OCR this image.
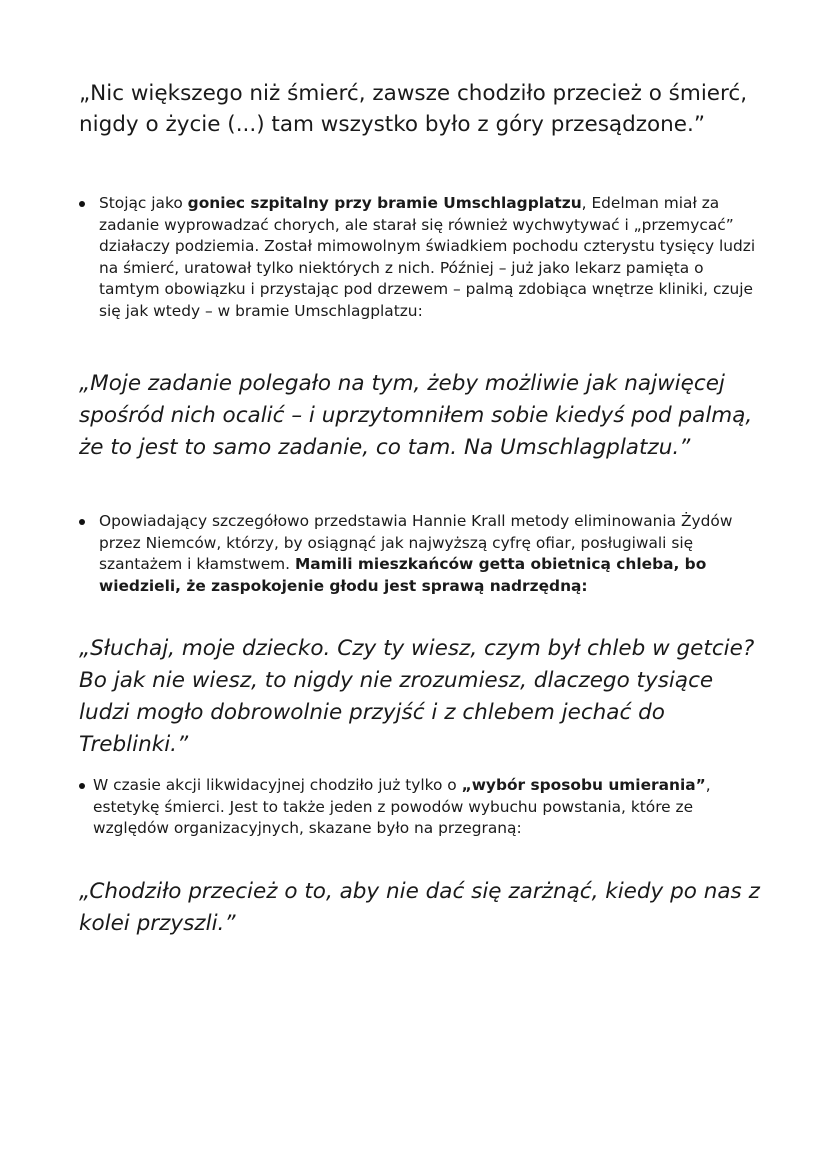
„Nic większego niż śmierć, zawsze chodziło przecież o śmierć, nigdy o życie (...) tam wszystko było z góry przesądzone.”

Stojąc jako goniec szpitalny przy bramie Umschlagplatzu, Edelman miał za zadanie wyprowadzać chorych, ale starał się również wychwytywać i „przemycać” działaczy podziemia. Został mimowolnym świadkiem pochodu czterystu tysięcy ludzi na śmierć, uratował tylko niektórych z nich. Później – już jako lekarz pamięta o tamtym obowiązku i przystając pod drzewem – palmą zdobiąca wnętrze kliniki, czuje się jak wtedy – w bramie Umschlagplatzu:

„Moje zadanie polegało na tym, żeby możliwie jak najwięcej spośród nich ocalić – i uprzytomniłem sobie kiedyś pod palmą, że to jest to samo zadanie, co tam. Na Umschlagplatzu.”

Opowiadający szczegółowo przedstawia Hannie Krall metody eliminowania Żydów przez Niemców, którzy, by osiągnąć jak najwyższą cyfrę ofiar, posługiwali się szantażem i kłamstwem. Mamili mieszkańców getta obietnicą chleba, bo wiedzieli, że zaspokojenie głodu jest sprawą nadrzędną:

„Słuchaj, moje dziecko. Czy ty wiesz, czym był chleb w getcie? Bo jak nie wiesz, to nigdy nie zrozumiesz, dlaczego tysiące ludzi mogło dobrowolnie przyjść i z chlebem jechać do Treblinki.”

W czasie akcji likwidacyjnej chodziło już tylko o „wybór sposobu umierania”, estetykę śmierci. Jest to także jeden z powodów wybuchu powstania, które ze względów organizacyjnych, skazane było na przegraną:

„Chodziło przecież o to, aby nie dać się zarżnąć, kiedy po nas z kolei przyszli.”
